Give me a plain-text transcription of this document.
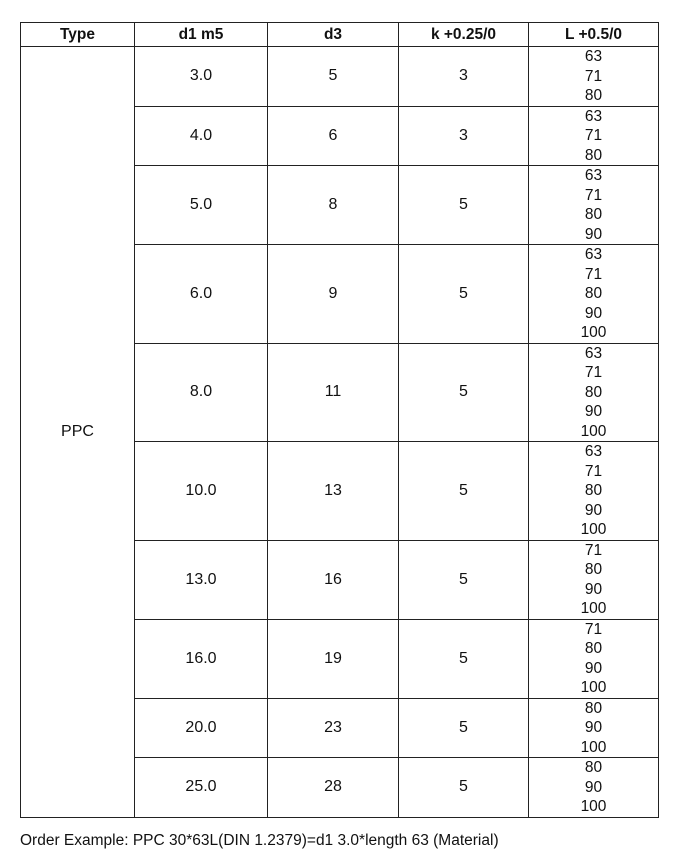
Type	d1 m5	d3	k +0.25/0	L +0.5/0
PPC	3.0	5	3	63
71
80

	4.0	6	3	63
71
80

	5.0	8	5	63
71
80
90

	6.0	9	5	63
71
80
90
100

	8.0	11	5	63
71
80
90
100

	10.0	13	5	63
71
80
90
100

	13.0	16	5	71
80
90
100

	16.0	19	5	71
80
90
100

	20.0	23	5	80
90
100

	25.0	28	5	80
90
100
Order Example: PPC 30*63L(DIN 1.2379)=d1 3.0*length 63 (Material)
